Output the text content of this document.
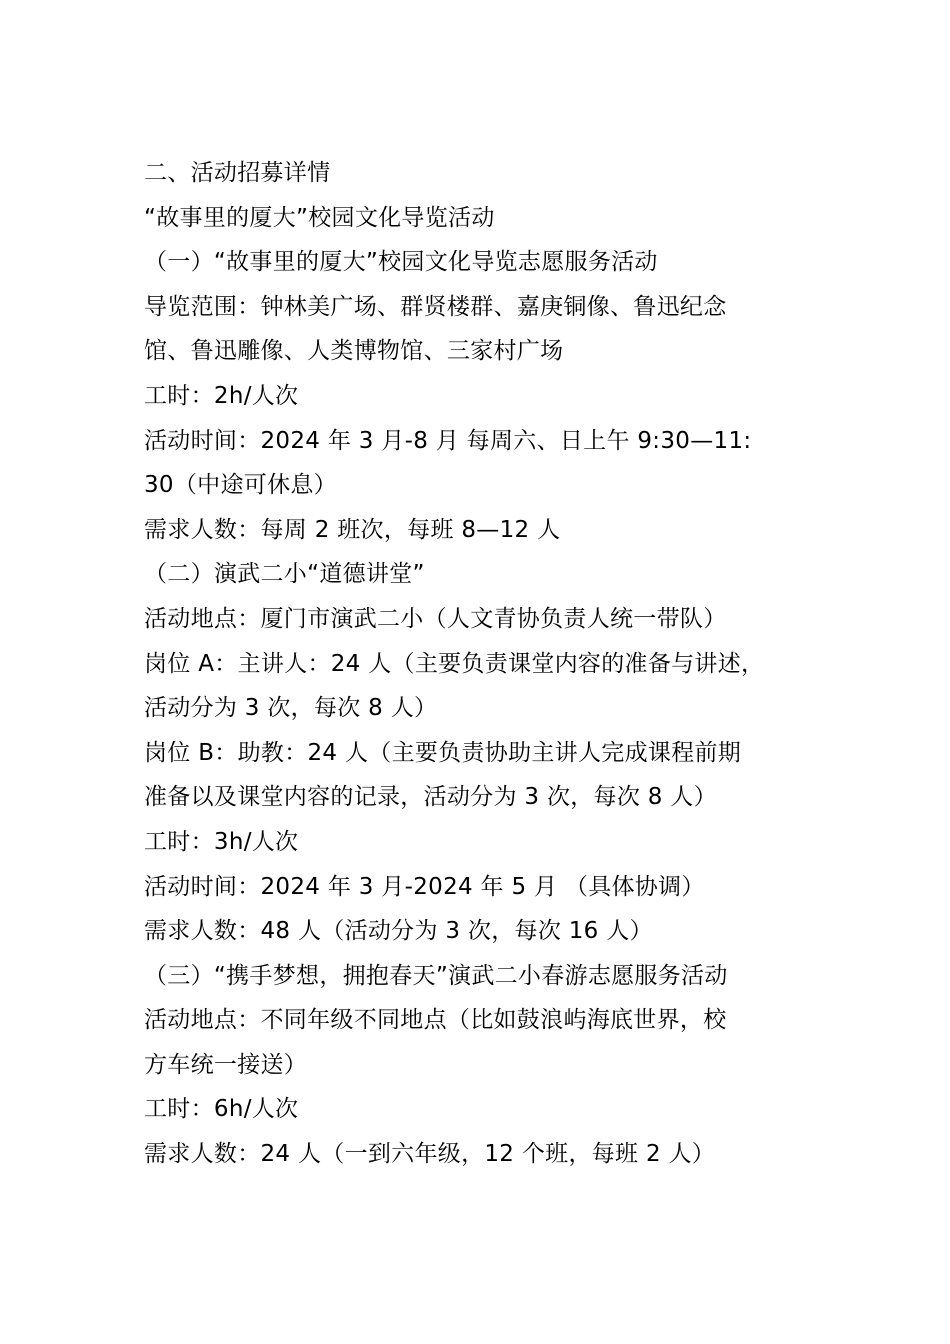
二、活动招募详情
“故事里的厦大”校园文化导览活动
（一）“故事里的厦大”校园文化导览志愿服务活动
导览范围：钟林美广场、群贤楼群、嘉庚铜像、鲁迅纪念
馆、鲁迅雕像、人类博物馆、三家村广场
工时：2h/人次
活动时间：2024 年 3 月-8 月 每周六、日上午 9:30—11:
30（中途可休息）
需求人数：每周 2 班次，每班 8—12 人
（二）演武二小“道德讲堂”
活动地点：厦门市演武二小（人文青协负责人统一带队）
岗位 A：主讲人：24 人（主要负责课堂内容的准备与讲述，
活动分为 3 次，每次 8 人）
岗位 B：助教：24 人（主要负责协助主讲人完成课程前期
准备以及课堂内容的记录，活动分为 3 次，每次 8 人）
工时：3h/人次
活动时间：2024 年 3 月-2024 年 5 月 （具体协调）
需求人数：48 人（活动分为 3 次，每次 16 人）
（三）“携手梦想，拥抱春天”演武二小春游志愿服务活动
活动地点：不同年级不同地点（比如鼓浪屿海底世界，校
方车统一接送）
工时：6h/人次
需求人数：24 人（一到六年级，12 个班，每班 2 人）
